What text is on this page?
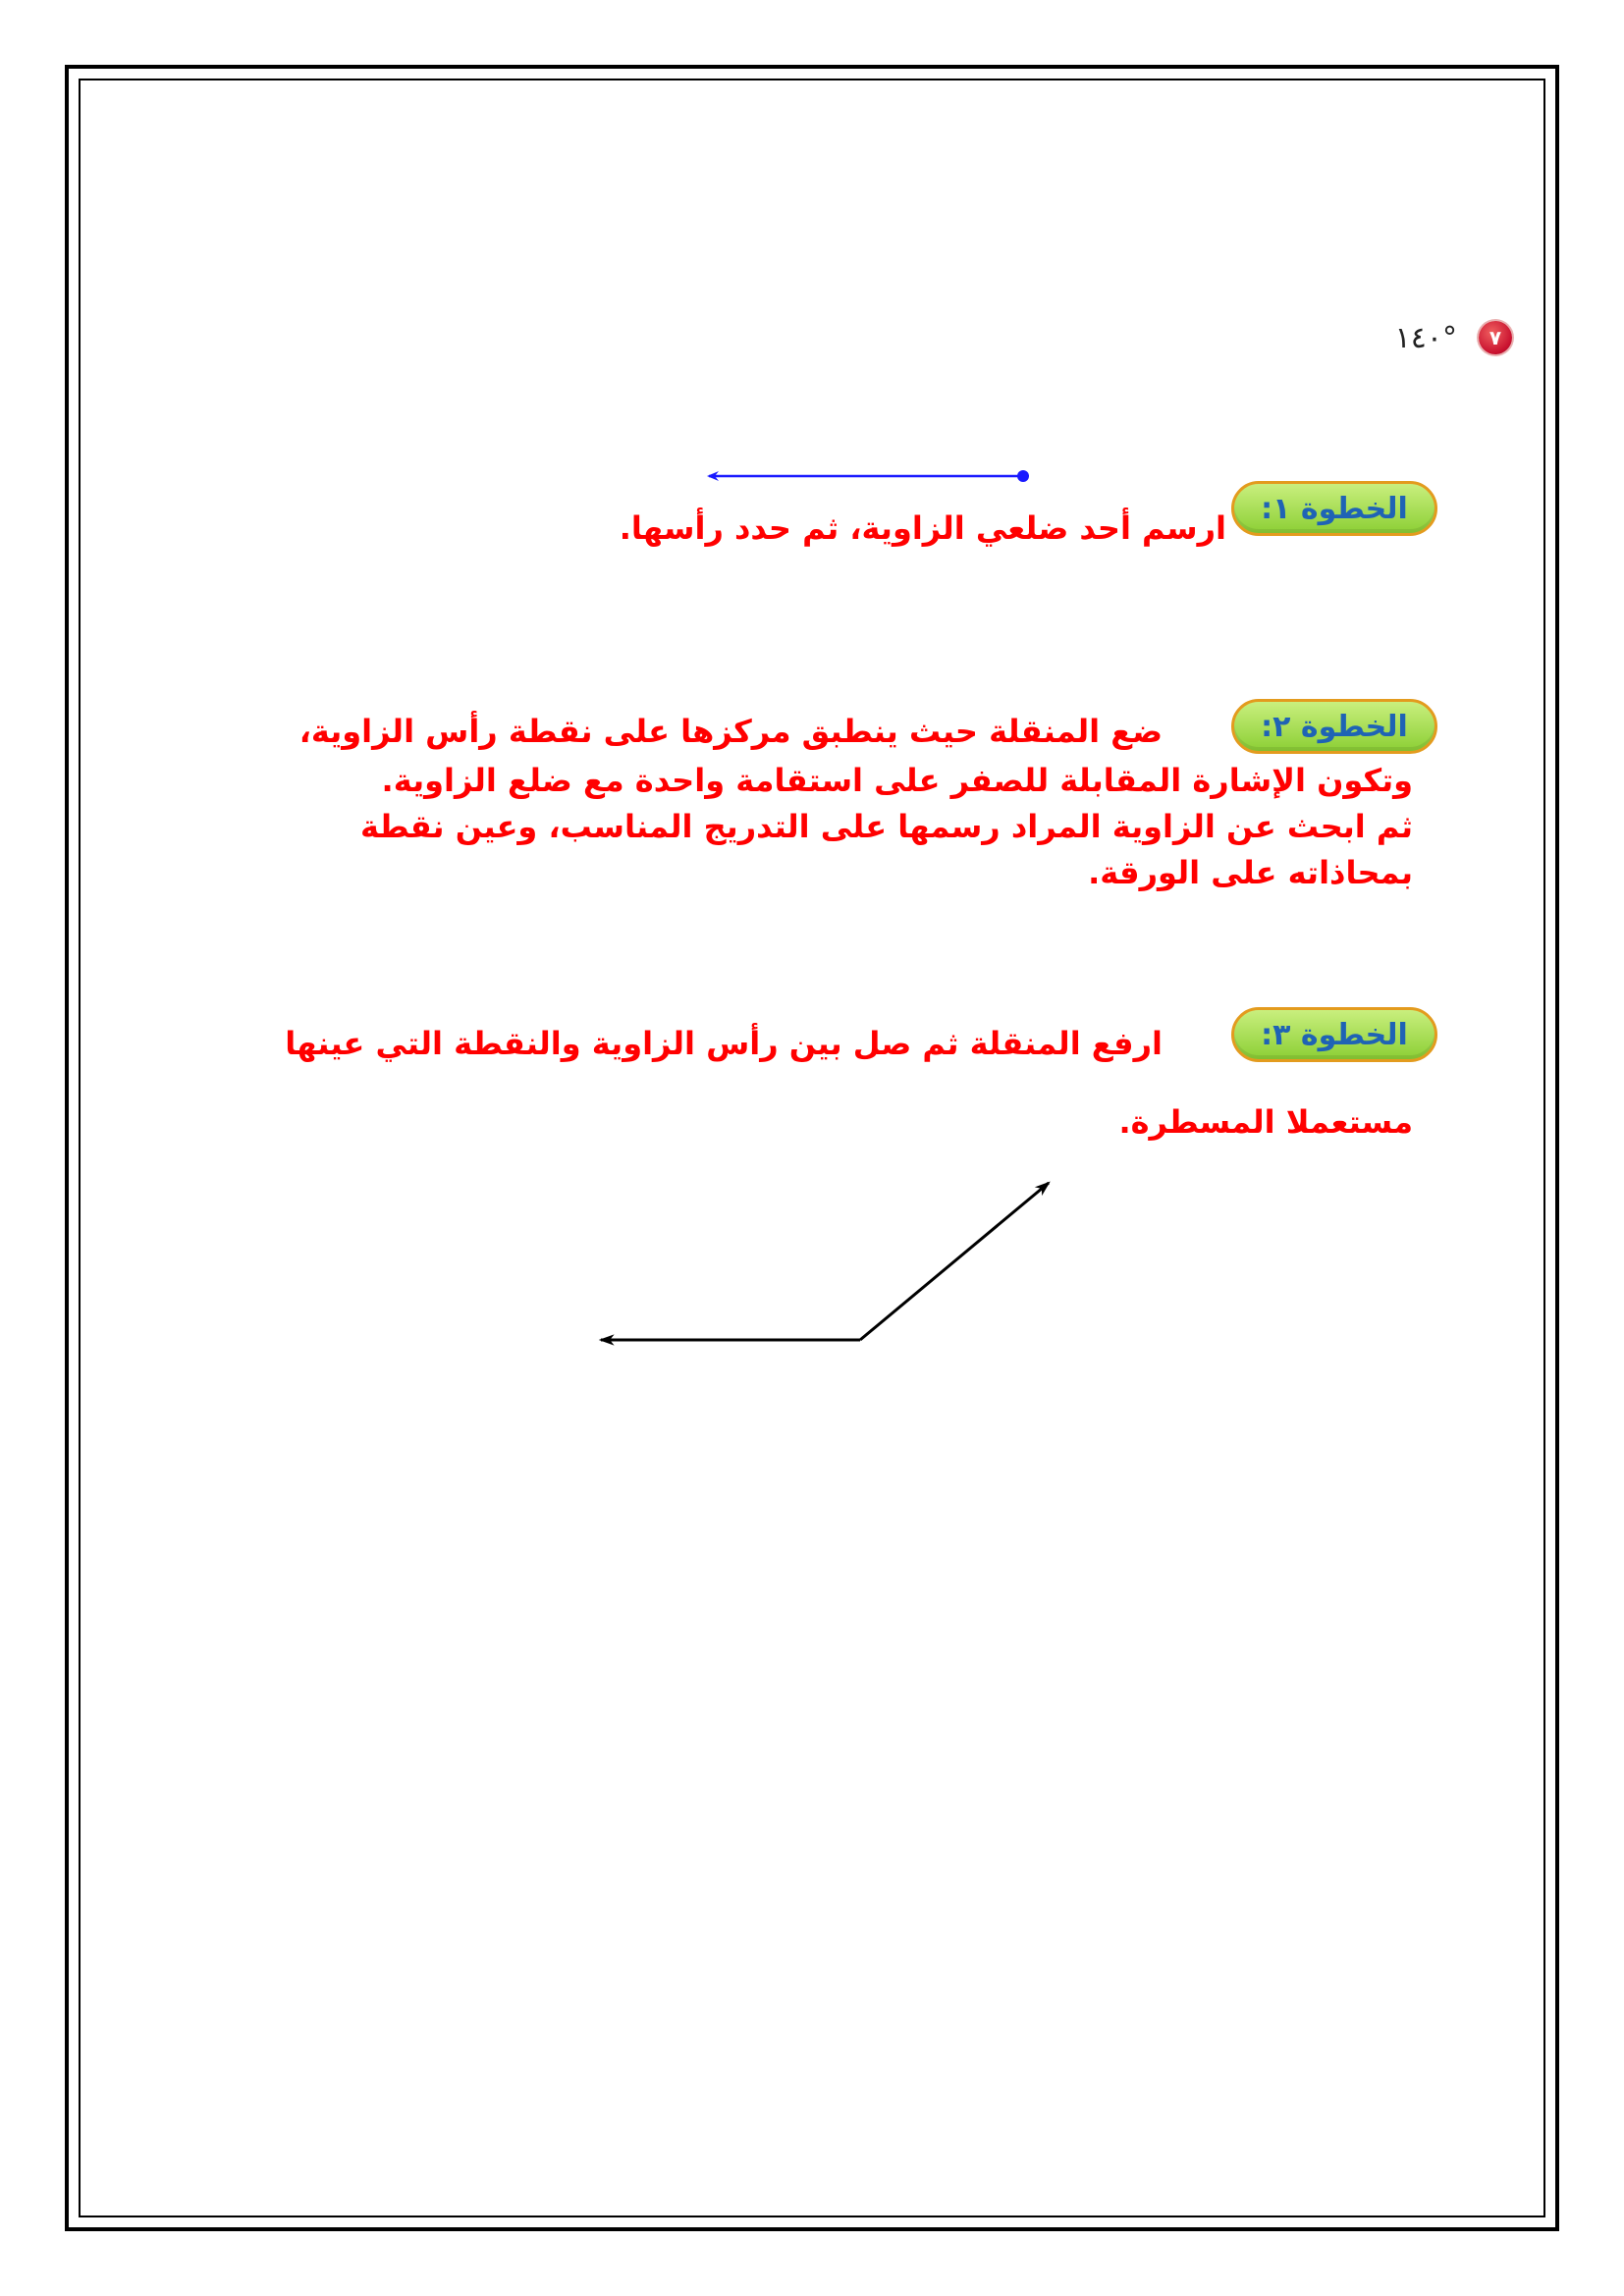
٧
°١٤٠
الخطوة ١:
ارسم أحد ضلعي الزاوية، ثم حدد رأسها.
الخطوة ٢:
ضع المنقلة حيث ينطبق مركزها على نقطة رأس الزاوية،
وتكون الإشارة المقابلة للصفر على استقامة واحدة مع ضلع الزاوية.
ثم ابحث عن الزاوية المراد رسمها على التدريج المناسب، وعين نقطة
بمحاذاته على الورقة.
الخطوة ٣:
ارفع المنقلة ثم صل بين رأس الزاوية والنقطة التي عينها
مستعملا المسطرة.
